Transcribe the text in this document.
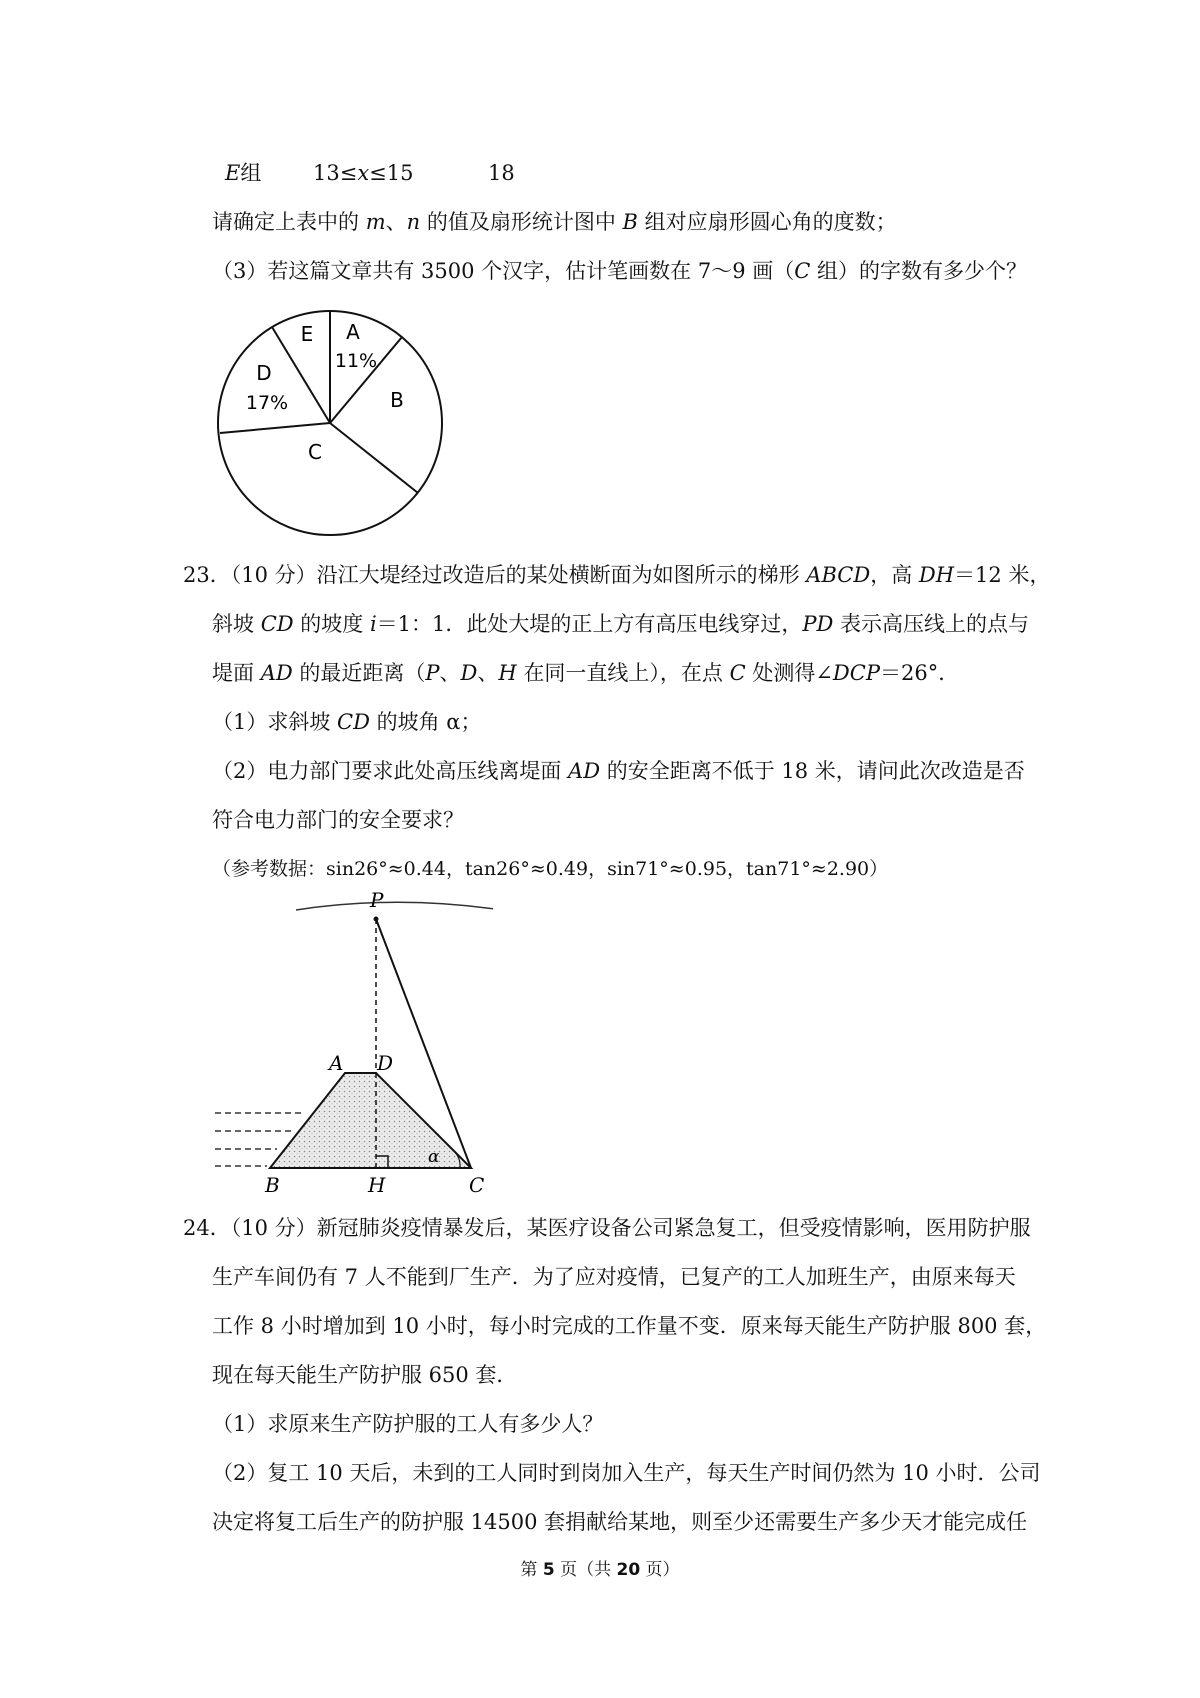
E组 13≤x≤15	18
请确定上表中的 m、n 的值及扇形统计图中 B 组对应扇形圆心角的度数；
（3）若这篇文章共有 3500 个汉字，估计笔画数在 7～9 画（C 组）的字数有多少个？
A
11%
B
C
D
17%
E
23．（10 分）沿江大堤经过改造后的某处横断面为如图所示的梯形 ABCD，高 DH＝12 米，
斜坡 CD 的坡度 i＝1：1．此处大堤的正上方有高压电线穿过，PD 表示高压线上的点与
堤面 AD 的最近距离（P、D、H 在同一直线上），在点 C 处测得∠DCP＝26°．
（1）求斜坡 CD 的坡角 α；
（2）电力部门要求此处高压线离堤面 AD 的安全距离不低于 18 米，请问此次改造是否
符合电力部门的安全要求？
（参考数据：sin26°≈0.44，tan26°≈0.49，sin71°≈0.95，tan71°≈2.90）
P
A D
B	H	C
α
24．（10 分）新冠肺炎疫情暴发后，某医疗设备公司紧急复工，但受疫情影响，医用防护服
生产车间仍有 7 人不能到厂生产．为了应对疫情，已复产的工人加班生产，由原来每天
工作 8 小时增加到 10 小时，每小时完成的工作量不变．原来每天能生产防护服 800 套，
现在每天能生产防护服 650 套．
（1）求原来生产防护服的工人有多少人？
（2）复工 10 天后，未到的工人同时到岗加入生产，每天生产时间仍然为 10 小时．公司
决定将复工后生产的防护服 14500 套捐献给某地，则至少还需要生产多少天才能完成任
第 5 页（共 20 页）
